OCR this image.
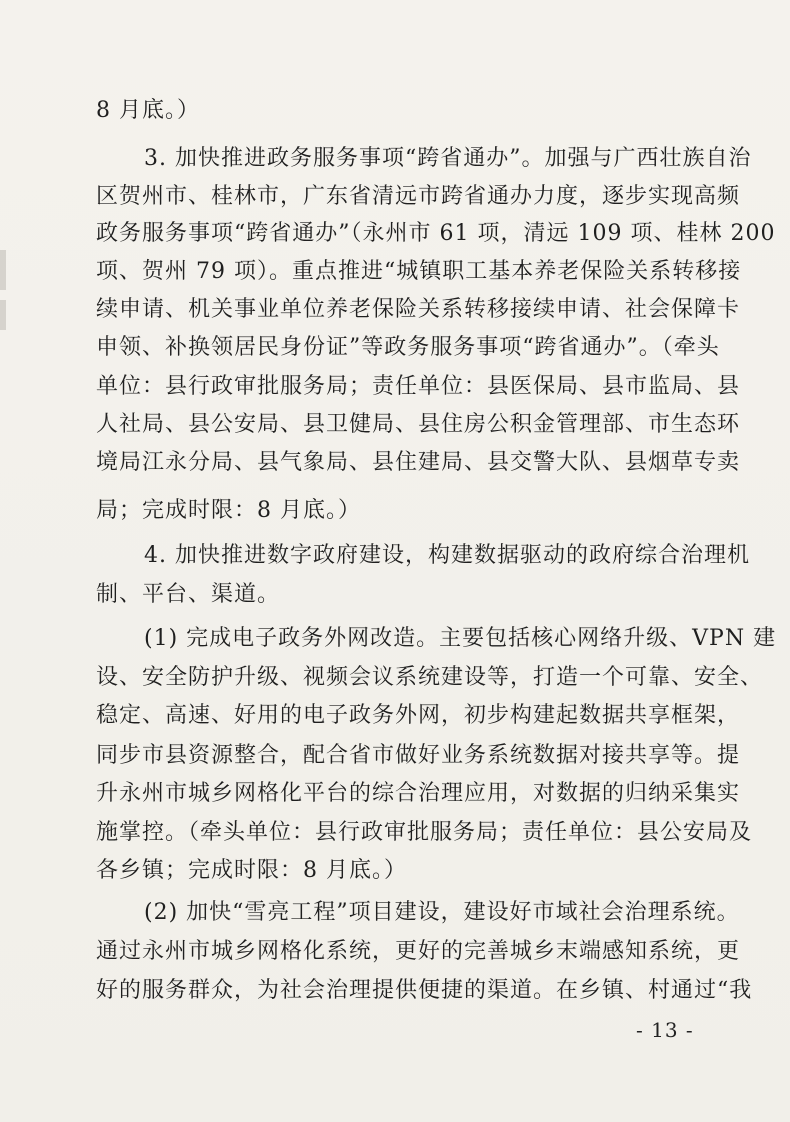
8 月底。）
3. 加快推进政务服务事项“跨省通办”。加强与广西壮族自治
区贺州市、桂林市，广东省清远市跨省通办力度，逐步实现高频
政务服务事项“跨省通办”（永州市 61 项，清远 109 项、桂林 200
项、贺州 79 项）。重点推进“城镇职工基本养老保险关系转移接
续申请、机关事业单位养老保险关系转移接续申请、社会保障卡
申领、补换领居民身份证”等政务服务事项“跨省通办”。（牵头
单位：县行政审批服务局；责任单位：县医保局、县市监局、县
人社局、县公安局、县卫健局、县住房公积金管理部、市生态环
境局江永分局、县气象局、县住建局、县交警大队、县烟草专卖
局；完成时限：8 月底。）
4. 加快推进数字政府建设，构建数据驱动的政府综合治理机
制、平台、渠道。
(1) 完成电子政务外网改造。主要包括核心网络升级、VPN 建
设、安全防护升级、视频会议系统建设等，打造一个可靠、安全、
稳定、高速、好用的电子政务外网，初步构建起数据共享框架，
同步市县资源整合，配合省市做好业务系统数据对接共享等。提
升永州市城乡网格化平台的综合治理应用，对数据的归纳采集实
施掌控。（牵头单位：县行政审批服务局；责任单位：县公安局及
各乡镇；完成时限：8 月底。）
(2) 加快“雪亮工程”项目建设，建设好市域社会治理系统。
通过永州市城乡网格化系统，更好的完善城乡末端感知系统，更
好的服务群众，为社会治理提供便捷的渠道。在乡镇、村通过“我
- 13 -
